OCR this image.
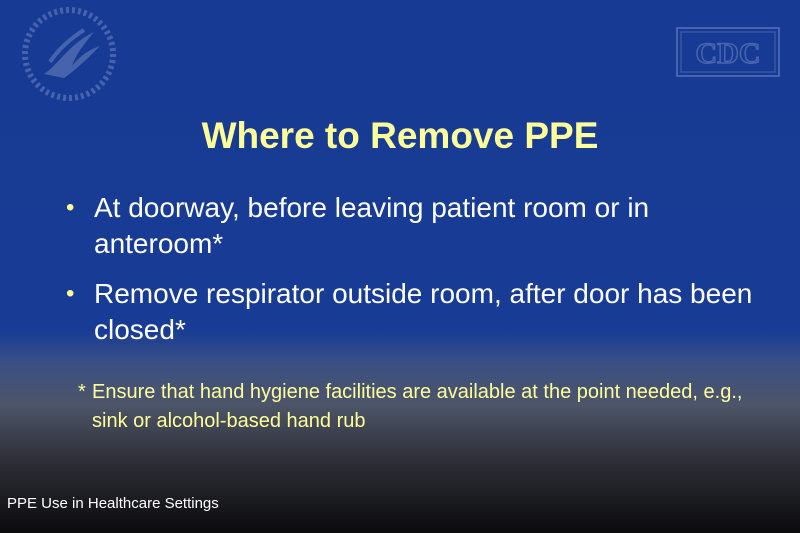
CDC
Where to Remove PPE
• At doorway, before leaving patient room or in anteroom*
• Remove respirator outside room, after door has been closed*
* Ensure that hand hygiene facilities are available at the point needed, e.g., sink or alcohol-based hand rub
PPE Use in Healthcare Settings
